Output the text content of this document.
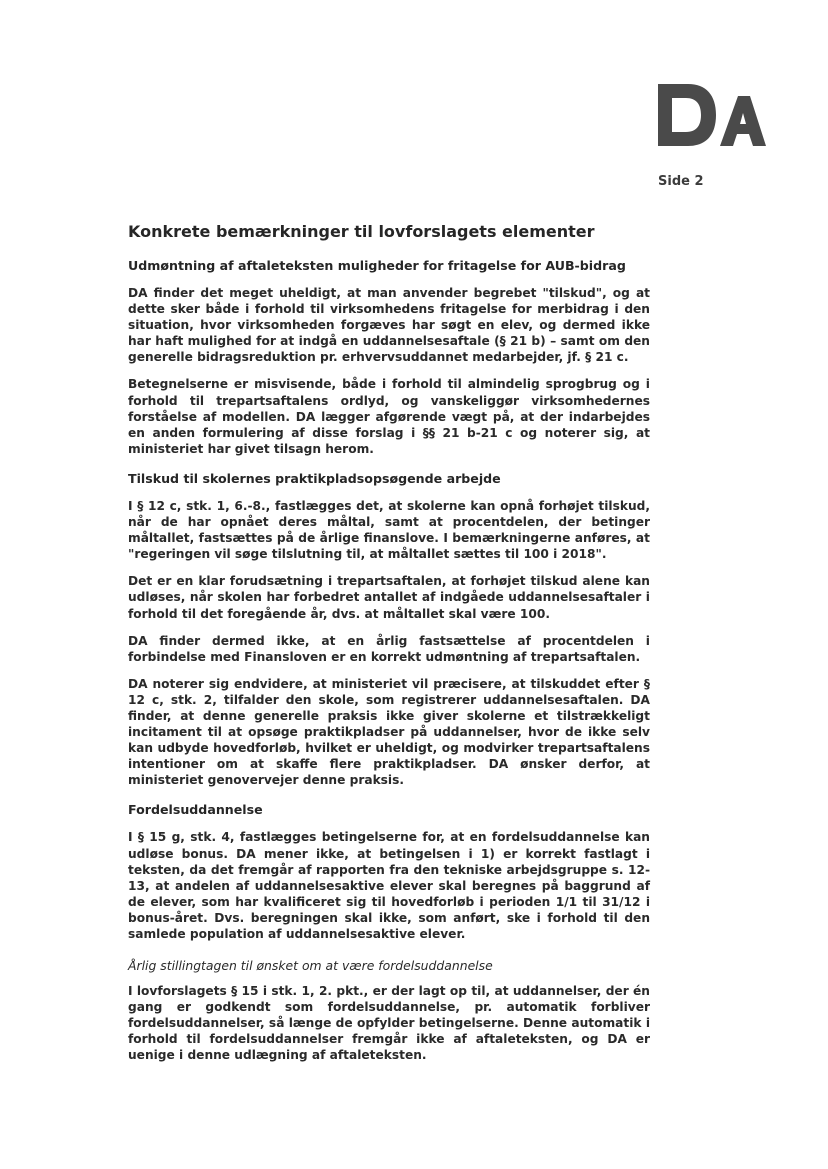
Side 2
Konkrete bemærkninger til lovforslagets elementer
Udmøntning af aftaleteksten muligheder for fritagelse for AUB-bidrag

DA finder det meget uheldigt, at man anvender begrebet "tilskud", og at dette sker både i forhold til virksomhedens fritagelse for merbidrag i den situation, hvor virksomheden forgæves har søgt en elev, og dermed ikke har haft mulighed for at indgå en uddannelsesaftale (§ 21 b) – samt om den generelle bidragsreduktion pr. erhvervsuddannet medarbejder, jf. § 21 c.

Betegnelserne er misvisende, både i forhold til almindelig sprogbrug og i forhold til trepartsaftalens ordlyd, og vanskeliggør virksomhedernes forståelse af modellen. DA lægger afgørende vægt på, at der indarbejdes en anden formulering af disse forslag i §§ 21 b-21 c og noterer sig, at ministeriet har givet tilsagn herom.

Tilskud til skolernes praktikpladsopsøgende arbejde

I § 12 c, stk. 1, 6.-8., fastlægges det, at skolerne kan opnå forhøjet tilskud, når de har opnået deres måltal, samt at procentdelen, der betinger måltallet, fastsættes på de årlige finanslove. I bemærkningerne anføres, at "regeringen vil søge tilslutning til, at måltallet sættes til 100 i 2018".

Det er en klar forudsætning i trepartsaftalen, at forhøjet tilskud alene kan udløses, når skolen har forbedret antallet af indgåede uddannelsesaftaler i forhold til det foregående år, dvs. at måltallet skal være 100.

DA finder dermed ikke, at en årlig fastsættelse af procentdelen i forbindelse med Finansloven er en korrekt udmøntning af trepartsaftalen.

DA noterer sig endvidere, at ministeriet vil præcisere, at tilskuddet efter § 12 c, stk. 2, tilfalder den skole, som registrerer uddannelsesaftalen. DA finder, at denne generelle praksis ikke giver skolerne et tilstrækkeligt incitament til at opsøge praktikpladser på uddannelser, hvor de ikke selv kan udbyde hovedforløb, hvilket er uheldigt, og modvirker trepartsaftalens intentioner om at skaffe flere praktikpladser. DA ønsker derfor, at ministeriet genovervejer denne praksis.

Fordelsuddannelse

I § 15 g, stk. 4, fastlægges betingelserne for, at en fordelsuddannelse kan udløse bonus. DA mener ikke, at betingelsen i 1) er korrekt fastlagt i teksten, da det fremgår af rapporten fra den tekniske arbejdsgruppe s. 12-13, at andelen af uddannelsesaktive elever skal beregnes på baggrund af de elever, som har kvalificeret sig til hovedforløb i perioden 1/1 til 31/12 i bonus-året. Dvs. beregningen skal ikke, som anført, ske i forhold til den samlede population af uddannelsesaktive elever.

Årlig stillingtagen til ønsket om at være fordelsuddannelse

I lovforslagets § 15 i stk. 1, 2. pkt., er der lagt op til, at uddannelser, der én gang er godkendt som fordelsuddannelse, pr. automatik forbliver fordelsuddannelser, så længe de opfylder betingelserne. Denne automatik i forhold til fordelsuddannelser fremgår ikke af aftaleteksten, og DA er uenige i denne udlægning af aftaleteksten.
